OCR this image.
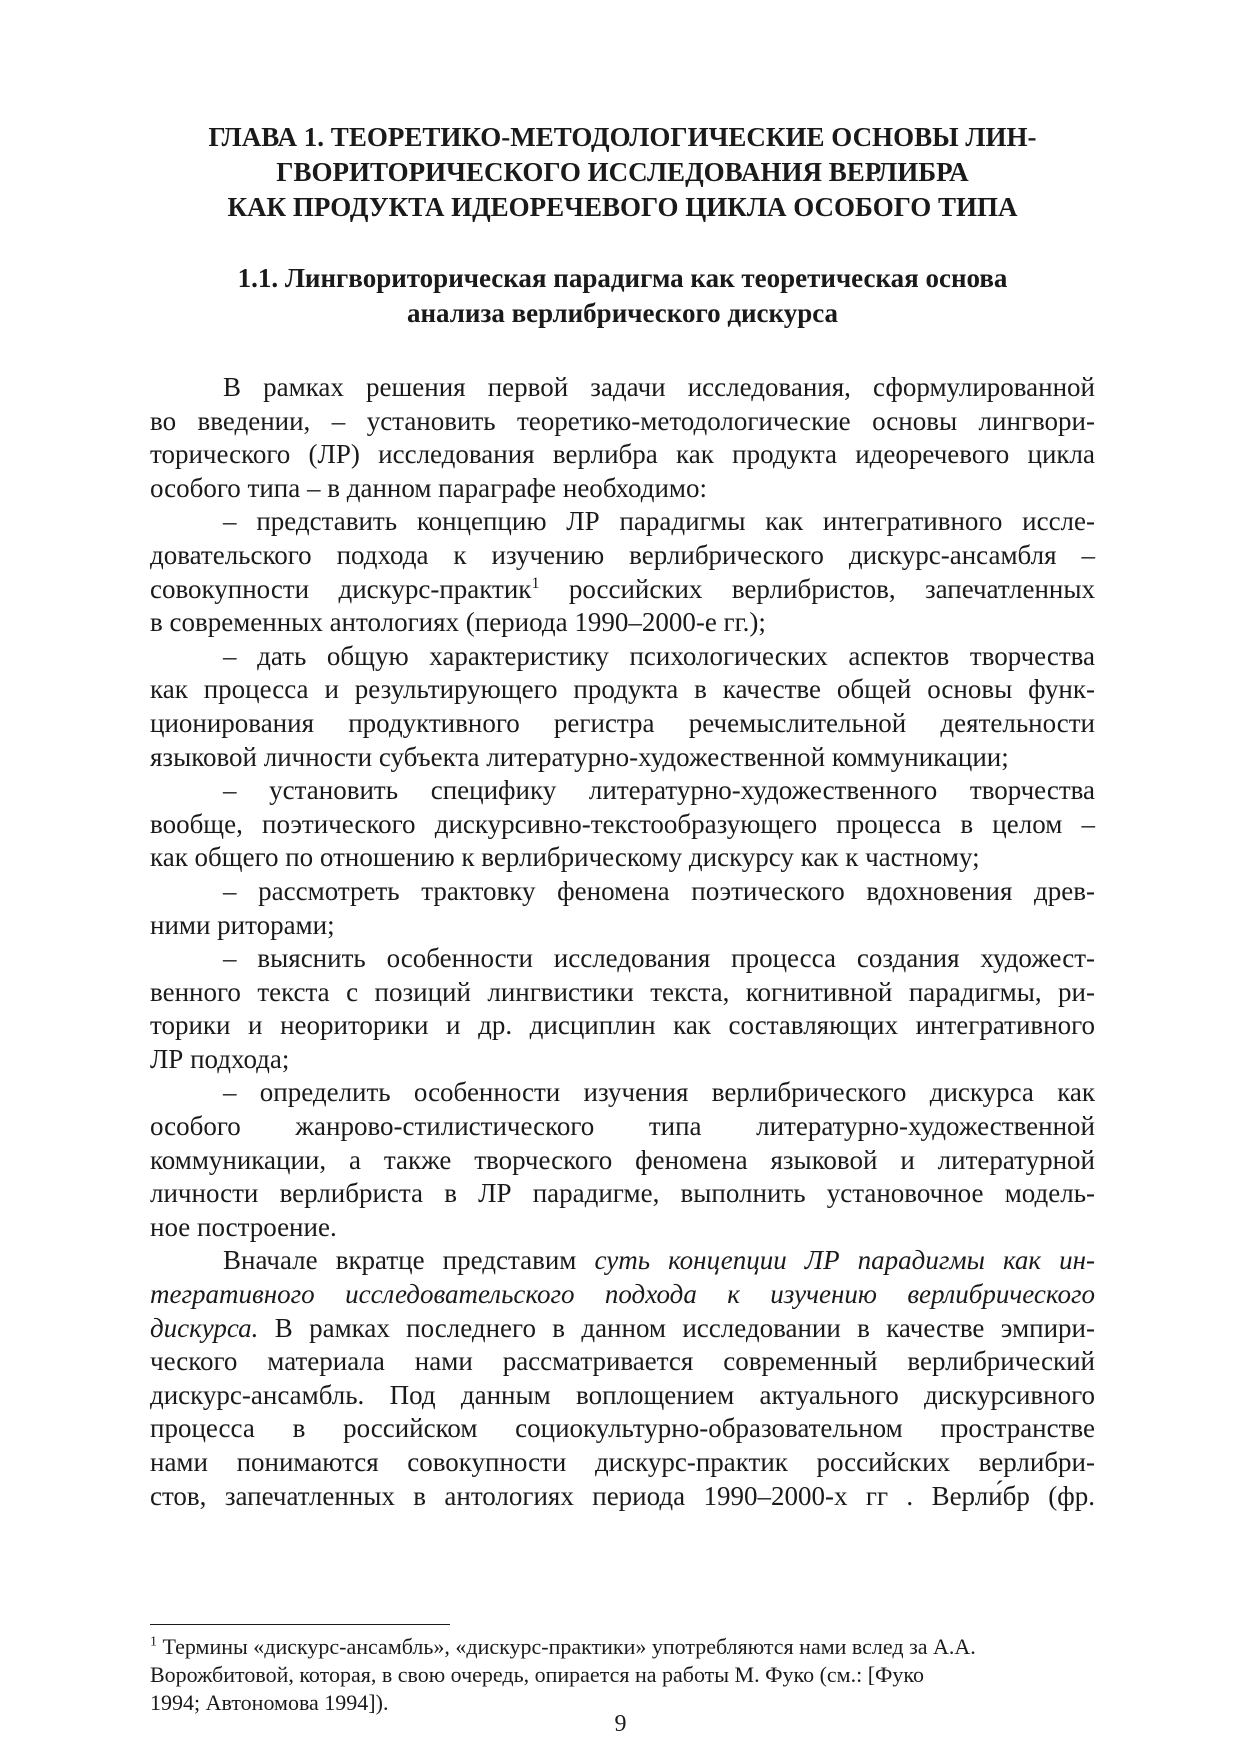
ГЛАВА 1. ТЕОРЕТИКО-МЕТОДОЛОГИЧЕСКИЕ ОСНОВЫ ЛИН-
ГВОРИТОРИЧЕСКОГО ИССЛЕДОВАНИЯ ВЕРЛИБРА
КАК ПРОДУКТА ИДЕОРЕЧЕВОГО ЦИКЛА ОСОБОГО ТИПА
1.1. Лингвориторическая парадигма как теоретическая основа
анализа верлибрического дискурса
В рамках решения первой задачи исследования, сформулированной
во введении, – установить теоретико-методологические основы лингвори-
торического (ЛР) исследования верлибра как продукта идеоречевого цикла
особого типа – в данном параграфе необходимо:
– представить концепцию ЛР парадигмы как интегративного иссле-
довательского подхода к изучению верлибрического дискурс-ансамбля –
совокупности дискурс-практик$^1$ российских верлибристов, запечатленных
в современных антологиях (периода 1990–2000-е гг.);
– дать общую характеристику психологических аспектов творчества
как процесса и результирующего продукта в качестве общей основы функ-
ционирования продуктивного регистра речемыслительной деятельности
языковой личности субъекта литературно-художественной коммуникации;
– установить специфику литературно-художественного творчества
вообще, поэтического дискурсивно-текстообразующего процесса в целом –
как общего по отношению к верлибрическому дискурсу как к частному;
– рассмотреть трактовку феномена поэтического вдохновения древ-
ними риторами;
– выяснить особенности исследования процесса создания художест-
венного текста с позиций лингвистики текста, когнитивной парадигмы, ри-
торики и неориторики и др. дисциплин как составляющих интегративного
ЛР подхода;
– определить особенности изучения верлибрического дискурса как
особого жанрово-стилистического типа литературно-художественной
коммуникации, а также творческого феномена языковой и литературной
личности верлибриста в ЛР парадигме, выполнить установочное модель-
ное построение.
Вначале вкратце представим суть концепции ЛР парадигмы как ин-
тегративного исследовательского подхода к изучению верлибрического
дискурса. В рамках последнего в данном исследовании в качестве эмпири-
ческого материала нами рассматривается современный верлибрический
дискурс-ансамбль. Под данным воплощением актуального дискурсивного
процесса в российском социокультурно-образовательном пространстве
нами понимаются совокупности дискурс-практик российских верлибри-
стов, запечатленных в антологиях периода 1990–2000-х гг . Верли́бр (фр.
$^1$ Термины «дискурс-ансамбль», «дискурс-практики» употребляются нами вслед за А.А.
Ворожбитовой, которая, в свою очередь, опирается на работы М. Фуко (см.: [Фуко
1994; Автономова 1994]).
9
